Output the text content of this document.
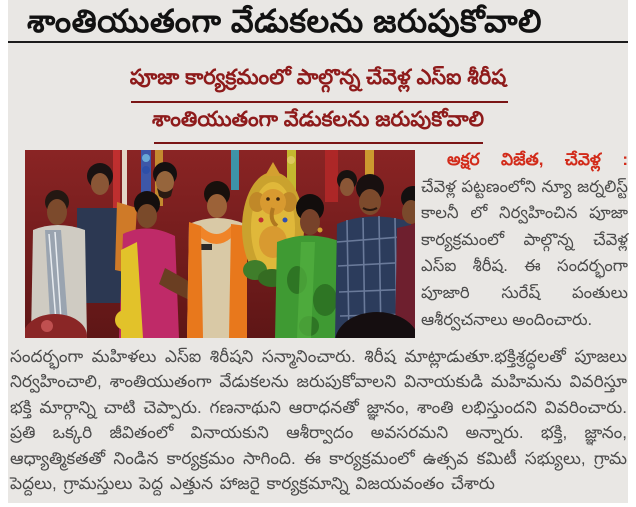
శాంతియుతంగా వేడుకలను జరుపుకోవాలి
పూజా కార్యక్రమంలో పాల్గొన్న చేవెళ్ల ఎస్ఐ శీరీష
శాంతియుతంగా వేడుకలను జరుపుకోవాలి
అక్షర విజేత, చేవెళ్ల :
చేవెళ్ల పట్టణంలోని న్యూ జర్నలిస్ట్ కాలనీ లో నిర్వహించిన పూజా కార్యక్రమంలో పాల్గొన్న చేవెళ్ల ఎస్ఐ శీరీష. ఈ సందర్భంగా పూజారి సురేష్ పంతులు ఆశీర్వచనాలు అందించారు.
సందర్భంగా మహిళలు ఎస్ఐ శిరీషని సన్మానించారు. శిరీష మాట్లాడుతూ.భక్తిశ్రద్ధలతో పూజలు నిర్వహించాలి, శాంతియుతంగా వేడుకలను జరుపుకోవాలని వినాయకుడి మహిమను వివరిస్తూ భక్తి మార్గాన్ని చాటి చెప్పారు. గణనాథుని ఆరాధనతో జ్ఞానం, శాంతి లభిస్తుందని వివరించారు. ప్రతి ఒక్కరి జీవితంలో వినాయకుని ఆశీర్వాదం అవసరమని అన్నారు. భక్తి, జ్ఞానం, ఆధ్యాత్మికతతో నిండిన కార్యక్రమం సాగింది. ఈ కార్యక్రమంలో ఉత్సవ కమిటీ సభ్యులు, గ్రామ పెద్దలు, గ్రామస్తులు పెద్ద ఎత్తున హాజరై కార్యక్రమాన్ని విజయవంతం చేశారు
